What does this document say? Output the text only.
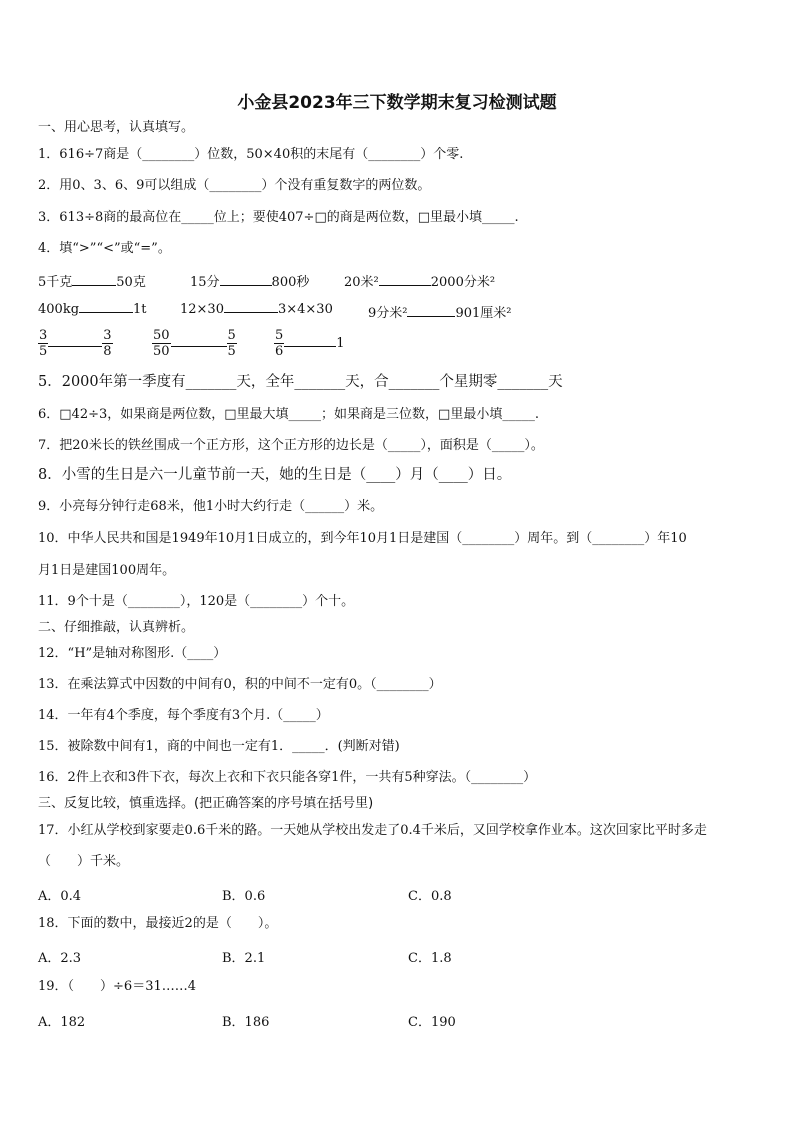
小金县2023年三下数学期末复习检测试题
一、用心思考，认真填写。
1．616÷7商是（________）位数，50×40积的末尾有（________）个零.
2．用0、3、6、9可以组成（________）个没有重复数字的两位数。
3．613÷8商的最高位在_____位上；要使407÷□的商是两位数，□里最小填_____.
4．填“>”“<”或“=”。
5千克	50克	15分	800秒	20米²	2000分米²
400kg	1t	12×30	3×4×30	9分米²	901厘米²
$\frac{3}{5}$	$\frac{3}{8}$	$\frac{50}{50}$	$\frac{5}{5}$	$\frac{5}{6}$	1
5．2000年第一季度有_______天，全年_______天，合_______个星期零_______天
6．□42÷3，如果商是两位数，□里最大填_____；如果商是三位数，□里最小填_____.
7．把20米长的铁丝围成一个正方形，这个正方形的边长是（_____），面积是（_____）。
8．小雪的生日是六一儿童节前一天，她的生日是（____）月（____）日。
9．小亮每分钟行走68米，他1小时大约行走（______）米。
10．中华人民共和国是1949年10月1日成立的，到今年10月1日是建国（________）周年。到（________）年10
月1日是建国100周年。
11．9个十是（________），120是（________）个十。
二、仔细推敲，认真辨析。
12．“H”是轴对称图形.（____）
13．在乘法算式中因数的中间有0，积的中间不一定有0。（________）
14．一年有4个季度，每个季度有3个月.（_____）
15．被除数中间有1，商的中间也一定有1．_____．(判断对错)
16．2件上衣和3件下衣，每次上衣和下衣只能各穿1件，一共有5种穿法。（________）
三、反复比较，慎重选择。(把正确答案的序号填在括号里)
17．小红从学校到家要走0.6千米的路。一天她从学校出发走了0.4千米后，又回学校拿作业本。这次回家比平时多走
（　　）千米。
A．0.4	B．0.6	C．0.8
18．下面的数中，最接近2的是（　　）。
A．2.3	B．2.1	C．1.8
19．（　　）÷6＝31……4
A．182	B．186	C．190
